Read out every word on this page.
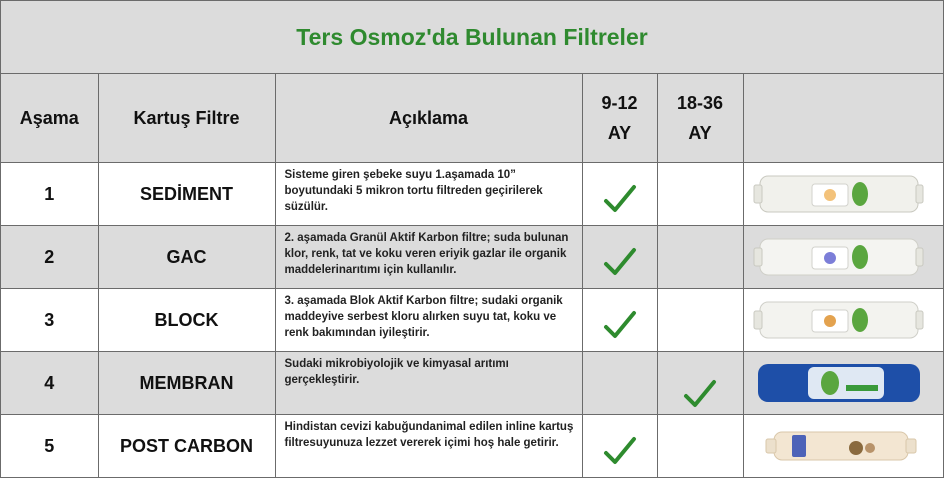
Ters Osmoz'da Bulunan Filtreler
Aşama	Kartuş Filtre	Açıklama	9-12 AY	18-36 AY	

1	SEDİMENT	Sisteme giren şebeke suyu 1.aşamada 10” boyutundaki 5 mikron tortu filtreden geçirilerek süzülür.

2	GAC	2. aşamada Granül Aktif Karbon filtre; suda bulunan klor, renk, tat ve koku veren eriyik gazlar ile organik maddelerinarıtımı için kullanılır.

3	BLOCK	3. aşamada Blok Aktif Karbon filtre; sudaki organik maddeyive serbest kloru alırken suyu tat, koku ve renk bakımından iyileştirir.

4	MEMBRAN	Sudaki mikrobiyolojik ve kimyasal arıtımı gerçekleştirir.

5	POST CARBON	Hindistan cevizi kabuğundanimal edilen inline kartuş filtresuyunuza lezzet vererek içimi hoş hale getirir.
